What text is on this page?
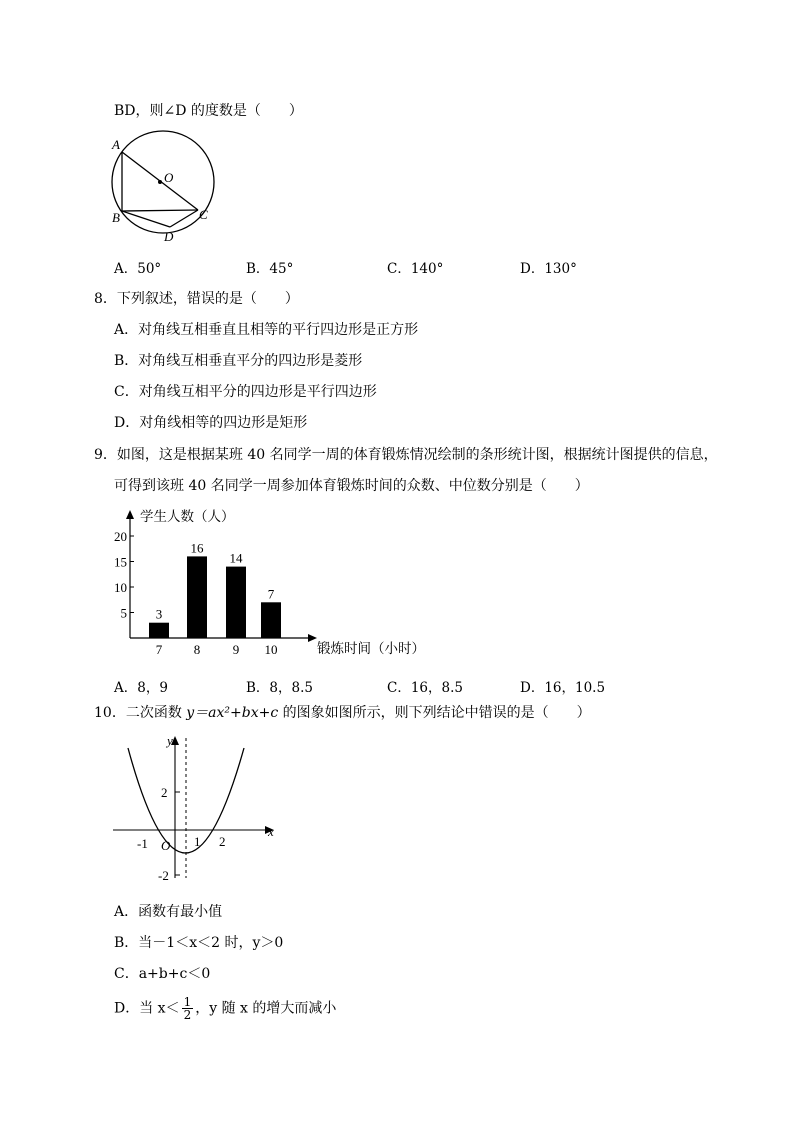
BD，则∠D 的度数是（　　）
A
O
B	C
D
A．50°	B．45°	C．140°	D．130°
8．下列叙述，错误的是（　　）
A．对角线互相垂直且相等的平行四边形是正方形
B．对角线互相垂直平分的四边形是菱形
C．对角线互相平分的四边形是平行四边形
D．对角线相等的四边形是矩形
9．如图，这是根据某班 40 名同学一周的体育锻炼情况绘制的条形统计图，根据统计图提供的信息，
可得到该班 40 名同学一周参加体育锻炼时间的众数、中位数分别是（　　）
学生人数（人）
锻炼时间（小时）
5
10
15
20
3
7
16
8
14
9
7
10
A．8，9	B．8，8.5	C．16，8.5	D．16，10.5
10．二次函数 y＝ax²+bx+c 的图象如图所示，则下列结论中错误的是（　　）
y
x
2
-2
-1 O 1 2
A．函数有最小值
B．当－1＜x＜2 时，y＞0
C．a+b+c＜0
D．当 $x< \frac{1}{2}$ ，y 随 x 的增大而减小
